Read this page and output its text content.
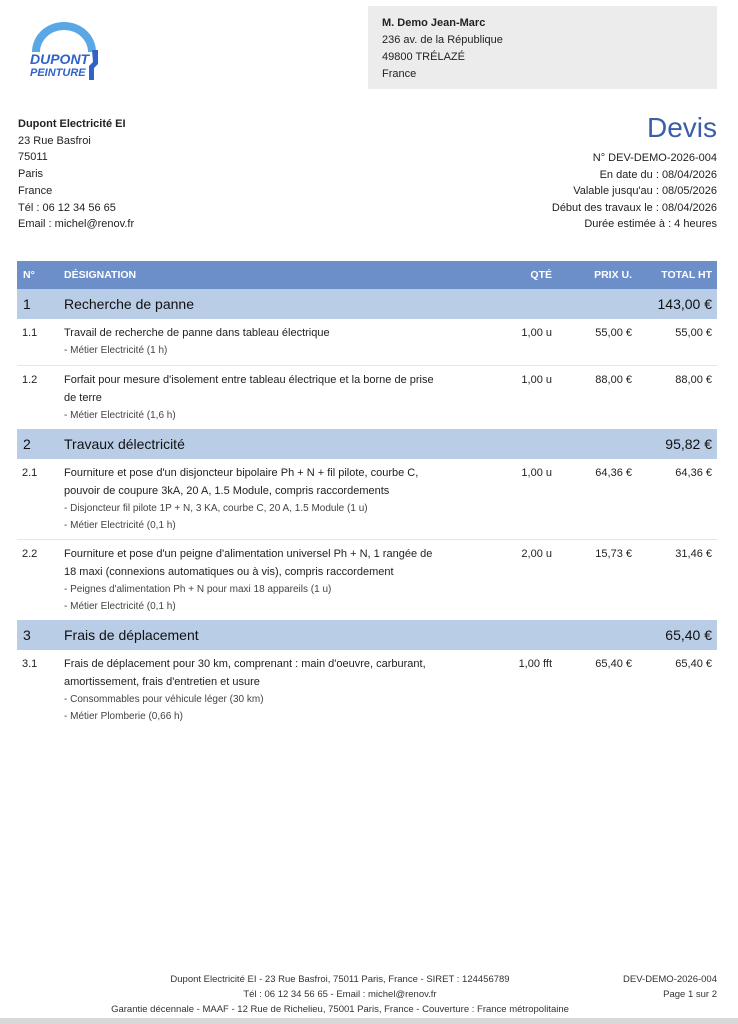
DUPONT
PEINTURE
M. Demo Jean-Marc
236 av. de la République
49800 TRÉLAZÉ
France
Dupont Electricité EI
23 Rue Basfroi
75011
Paris
France
Tél : 06 12 34 56 65
Email : michel@renov.fr
Devis
N° DEV-DEMO-2026-004
En date du : 08/04/2026
Valable jusqu'au : 08/05/2026
Début des travaux le : 08/04/2026
Durée estimée à : 4 heures
N°	DÉSIGNATION	QTÉ	PRIX U.	TOTAL HT
1 Recherche de panne	143,00 €
1.1 Travail de recherche de panne dans tableau électrique
- Métier Electricité (1 h)
1,00 u	55,00 €	55,00 €
1.2 Forfait pour mesure d'isolement entre tableau électrique et la borne de prise
de terre
- Métier Electricité (1,6 h)
1,00 u	88,00 €	88,00 €
2 Travaux délectricité	95,82 €
2.1 Fourniture et pose d'un disjoncteur bipolaire Ph + N + fil pilote, courbe C,
pouvoir de coupure 3kA, 20 A, 1.5 Module, compris raccordements
- Disjoncteur fil pilote 1P + N, 3 KA, courbe C, 20 A, 1.5 Module (1 u)
- Métier Electricité (0,1 h)
1,00 u	64,36 €	64,36 €
2.2 Fourniture et pose d'un peigne d'alimentation universel Ph + N, 1 rangée de
18 maxi (connexions automatiques ou à vis), compris raccordement
- Peignes d'alimentation Ph + N pour maxi 18 appareils (1 u)
- Métier Electricité (0,1 h)
2,00 u	15,73 €	31,46 €
3 Frais de déplacement	65,40 €
3.1 Frais de déplacement pour 30 km, comprenant : main d'oeuvre, carburant,
amortissement, frais d'entretien et usure
- Consommables pour véhicule léger (30 km)
- Métier Plomberie (0,66 h)
1,00 fft	65,40 €	65,40 €
Dupont Electricité EI - 23 Rue Basfroi, 75011 Paris, France - SIRET : 124456789
Tél : 06 12 34 56 65 - Email : michel@renov.fr
Garantie décennale - MAAF - 12 Rue de Richelieu, 75001 Paris, France - Couverture : France métropolitaine
DEV-DEMO-2026-004
Page 1 sur 2
